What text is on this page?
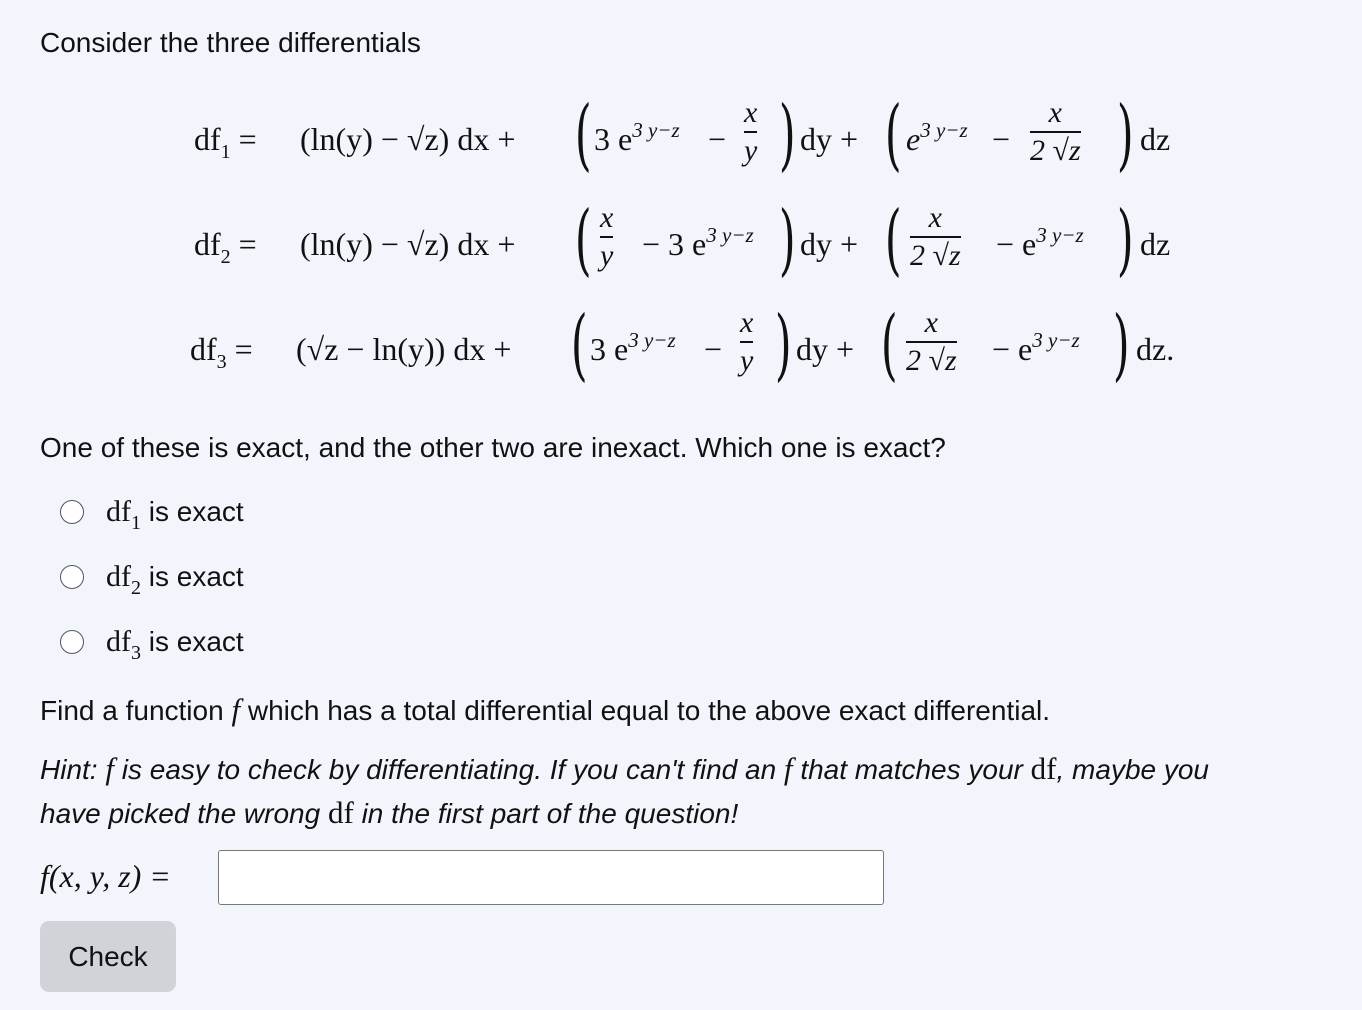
Consider the three differentials
$df_1 = (\ln(y) - √z)$ dx + ( 3 $e^{3 y-z}$ −
x
y ) dy + ( $e^{3 y-z}$ −
x
2 √z ) dz
$df_2 = (\ln(y) - √z)$ dx + ( x
y − 3 $e^{3 y-z}$ ) dy + ( x
2 $√z - e^{3 y-z}$ ) dz
$df_3 = (√z - \ln(y))$ dx + ( 3 $e^{3 y-z}$ −
x
y ) dy + ( x
2 $√z - e^{3 y-z}$ ) dz.
One of these is exact, and the other two are inexact. Which one is exact?
$df_1$ is exact
$df_2$ is exact
$df_3$ is exact
Find a function f which has a total differential equal to the above exact differential.
Hint: f is easy to check by differentiating. If you can't find an f that matches your df, maybe you
have picked the wrong df in the first part of the question!
f(x, y, z) =
Check
